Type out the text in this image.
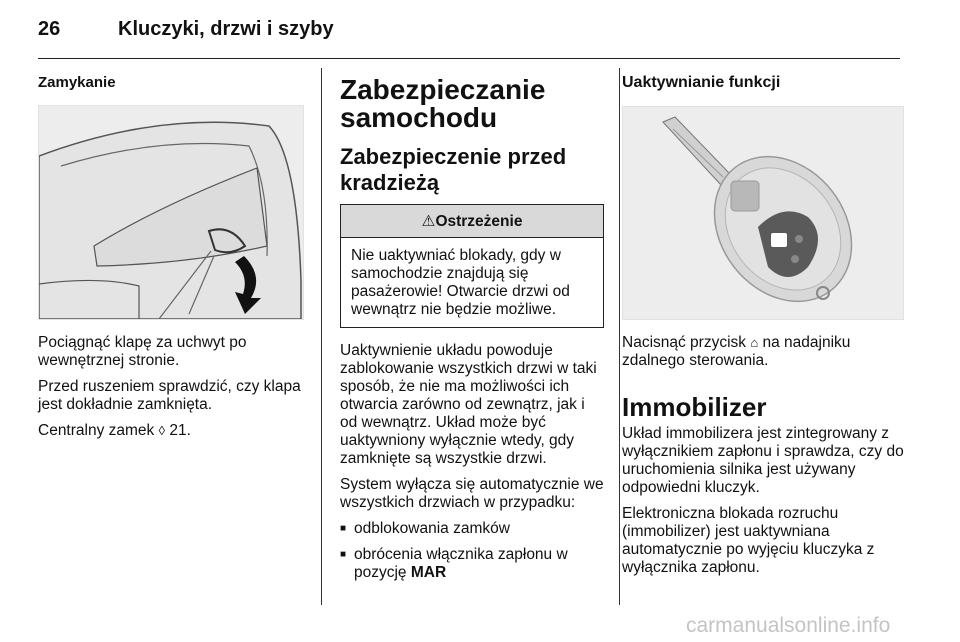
26	Kluczyki, drzwi i szyby
Zamykanie

Pociągnąć klapę za uchwyt po wewnętrznej stronie.

Przed ruszeniem sprawdzić, czy klapa jest dokładnie zamknięta.

Centralny zamek ◊ 21.

Zabezpieczanie samochodu
Zabezpieczenie przed kradzieżą
⚠Ostrzeżenie
Nie uaktywniać blokady, gdy w samochodzie znajdują się pasażerowie! Otwarcie drzwi od wewnątrz nie będzie możliwe.

Uaktywnienie układu powoduje zablokowanie wszystkich drzwi w taki sposób, że nie ma możliwości ich otwarcia zarówno od zewnątrz, jak i od wewnątrz. Układ może być uaktywniony wyłącznie wtedy, gdy zamknięte są wszystkie drzwi.

System wyłącza się automatycznie we wszystkich drzwiach w przypadku:

■ odblokowania zamków
■ obrócenia włącznika zapłonu w pozycję MAR
Uaktywnianie funkcji

Nacisnąć przycisk ⌂ na nadajniku zdalnego sterowania.

Immobilizer

Układ immobilizera jest zintegrowany z wyłącznikiem zapłonu i sprawdza, czy do uruchomienia silnika jest używany odpowiedni kluczyk.

Elektroniczna blokada rozruchu (immobilizer) jest uaktywniana automatycznie po wyjęciu kluczyka z wyłącznika zapłonu.

carmanualsonline.info
